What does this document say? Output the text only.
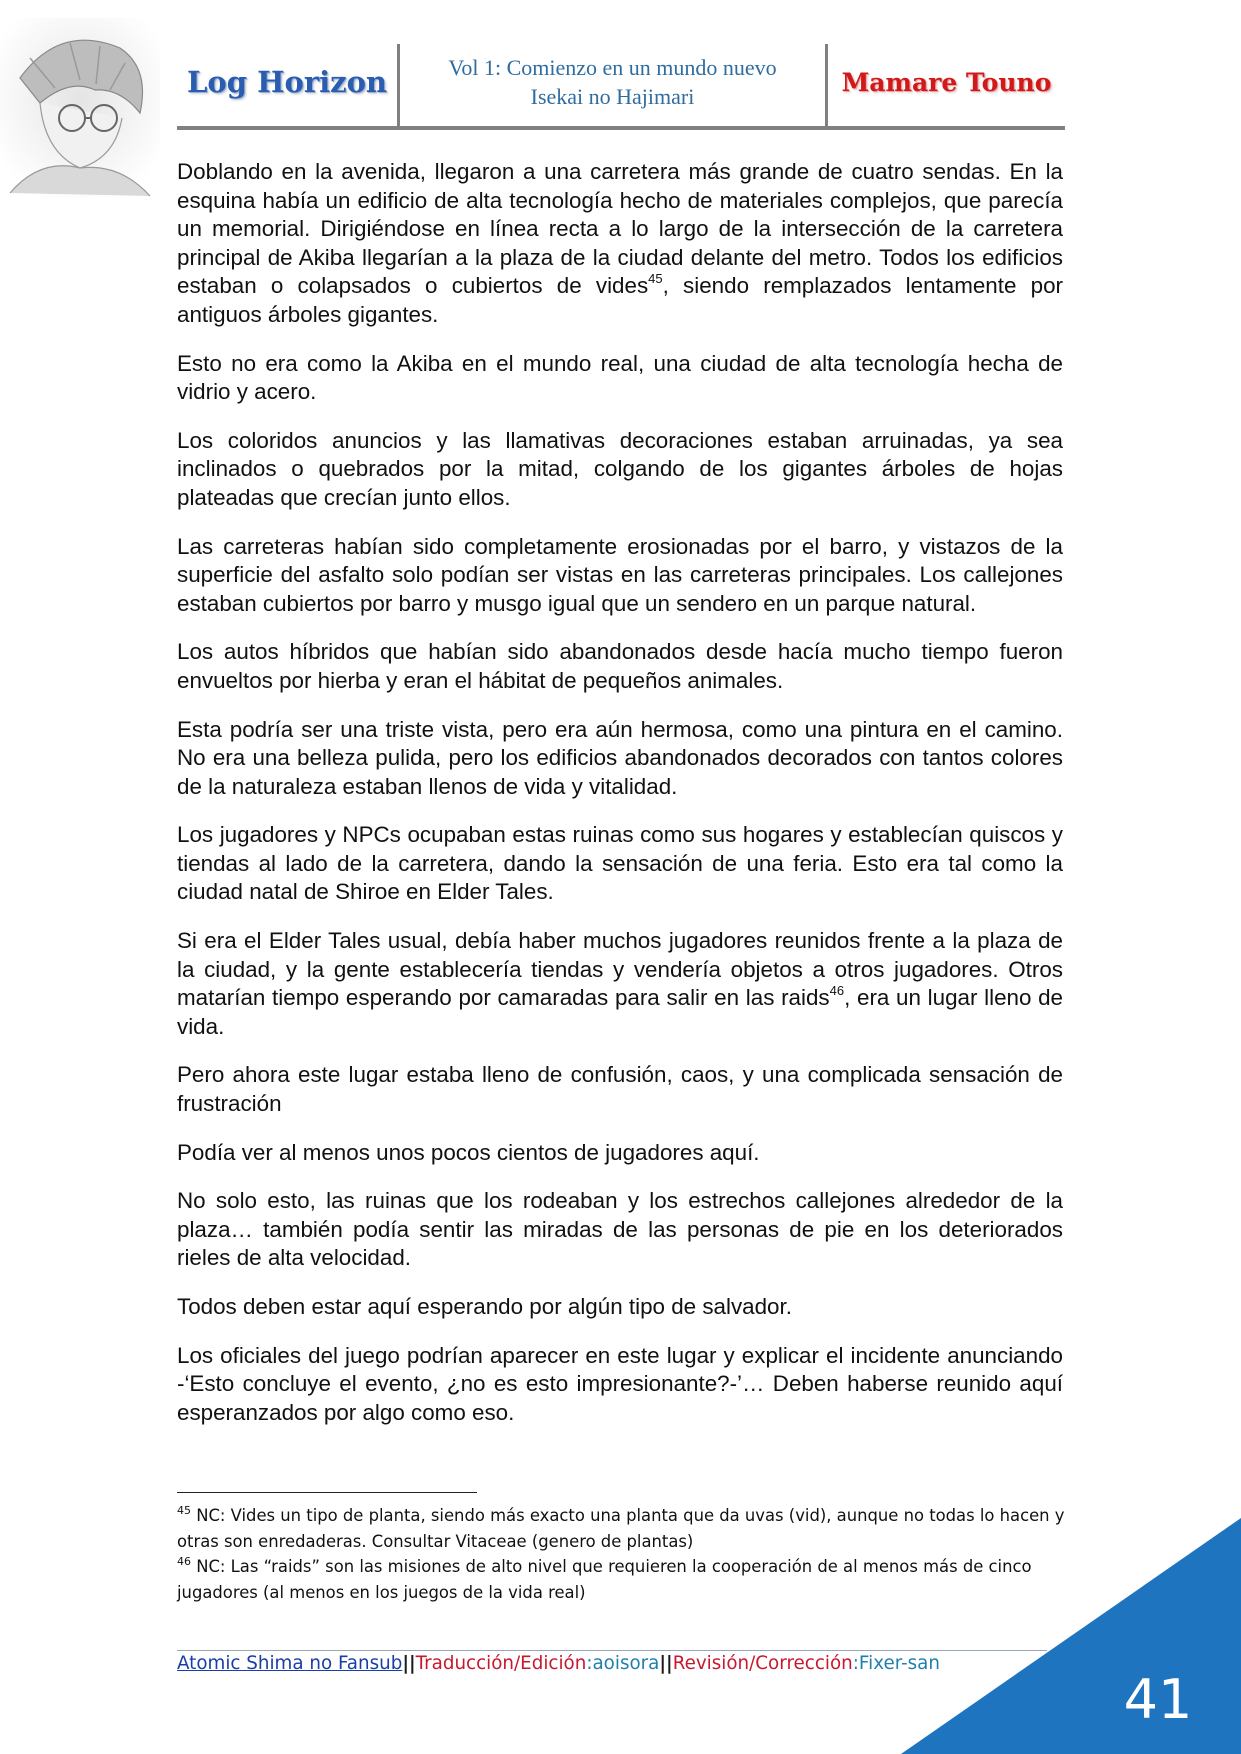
Log Horizon	Vol 1: Comienzo en un mundo nuevo
Isekai no Hajimari	Mamare Touno

Doblando en la avenida, llegaron a una carretera más grande de cuatro sendas. En la esquina había un edificio de alta tecnología hecho de materiales complejos, que parecía un memorial. Dirigiéndose en línea recta a lo largo de la intersección de la carretera principal de Akiba llegarían a la plaza de la ciudad delante del metro. Todos los edificios estaban o colapsados o cubiertos de vides$^{45}$, siendo remplazados lentamente por antiguos árboles gigantes.

Esto no era como la Akiba en el mundo real, una ciudad de alta tecnología hecha de vidrio y acero.

Los coloridos anuncios y las llamativas decoraciones estaban arruinadas, ya sea inclinados o quebrados por la mitad, colgando de los gigantes árboles de hojas plateadas que crecían junto ellos.

Las carreteras habían sido completamente erosionadas por el barro, y vistazos de la superficie del asfalto solo podían ser vistas en las carreteras principales. Los callejones estaban cubiertos por barro y musgo igual que un sendero en un parque natural.

Los autos híbridos que habían sido abandonados desde hacía mucho tiempo fueron envueltos por hierba y eran el hábitat de pequeños animales.

Esta podría ser una triste vista, pero era aún hermosa, como una pintura en el camino. No era una belleza pulida, pero los edificios abandonados decorados con tantos colores de la naturaleza estaban llenos de vida y vitalidad.

Los jugadores y NPCs ocupaban estas ruinas como sus hogares y establecían quiscos y tiendas al lado de la carretera, dando la sensación de una feria. Esto era tal como la ciudad natal de Shiroe en Elder Tales.

Si era el Elder Tales usual, debía haber muchos jugadores reunidos frente a la plaza de la ciudad, y la gente establecería tiendas y vendería objetos a otros jugadores. Otros matarían tiempo esperando por camaradas para salir en las raids$^{46}$, era un lugar lleno de vida.

Pero ahora este lugar estaba lleno de confusión, caos, y una complicada sensación de frustración

Podía ver al menos unos pocos cientos de jugadores aquí.

No solo esto, las ruinas que los rodeaban y los estrechos callejones alrededor de la plaza… también podía sentir las miradas de las personas de pie en los deteriorados rieles de alta velocidad.

Todos deben estar aquí esperando por algún tipo de salvador.

Los oficiales del juego podrían aparecer en este lugar y explicar el incidente anunciando -‘Esto concluye el evento, ¿no es esto impresionante?-’… Deben haberse reunido aquí esperanzados por algo como eso.

$^{45}$ NC: Vides un tipo de planta, siendo más exacto una planta que da uvas (vid), aunque no todas lo hacen y otras son enredaderas. Consultar Vitaceae (genero de plantas)

$^{46}$ NC: Las “raids” son las misiones de alto nivel que requieren la cooperación de al menos más de cinco jugadores (al menos en los juegos de la vida real)

Atomic Shima no Fansub||Traducción/Edición:aoisora||Revisión/Corrección:Fixer-san
41
